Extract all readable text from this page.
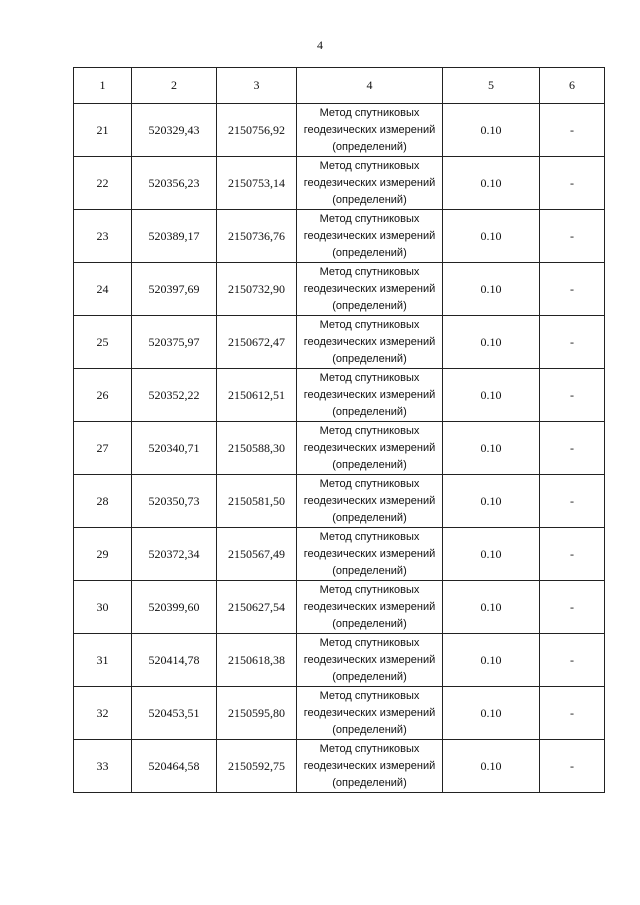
4
1	2	3	4	5	6
21	520329,43	2150756,92	Метод спутниковых
геодезических измерений
(определений)	0.10	-
22	520356,23	2150753,14	Метод спутниковых
геодезических измерений
(определений)	0.10	-
23	520389,17	2150736,76	Метод спутниковых
геодезических измерений
(определений)	0.10	-
24	520397,69	2150732,90	Метод спутниковых
геодезических измерений
(определений)	0.10	-
25	520375,97	2150672,47	Метод спутниковых
геодезических измерений
(определений)	0.10	-
26	520352,22	2150612,51	Метод спутниковых
геодезических измерений
(определений)	0.10	-
27	520340,71	2150588,30	Метод спутниковых
геодезических измерений
(определений)	0.10	-
28	520350,73	2150581,50	Метод спутниковых
геодезических измерений
(определений)	0.10	-
29	520372,34	2150567,49	Метод спутниковых
геодезических измерений
(определений)	0.10	-
30	520399,60	2150627,54	Метод спутниковых
геодезических измерений
(определений)	0.10	-
31	520414,78	2150618,38	Метод спутниковых
геодезических измерений
(определений)	0.10	-
32	520453,51	2150595,80	Метод спутниковых
геодезических измерений
(определений)	0.10	-
33	520464,58	2150592,75	Метод спутниковых
геодезических измерений
(определений)	0.10	-
